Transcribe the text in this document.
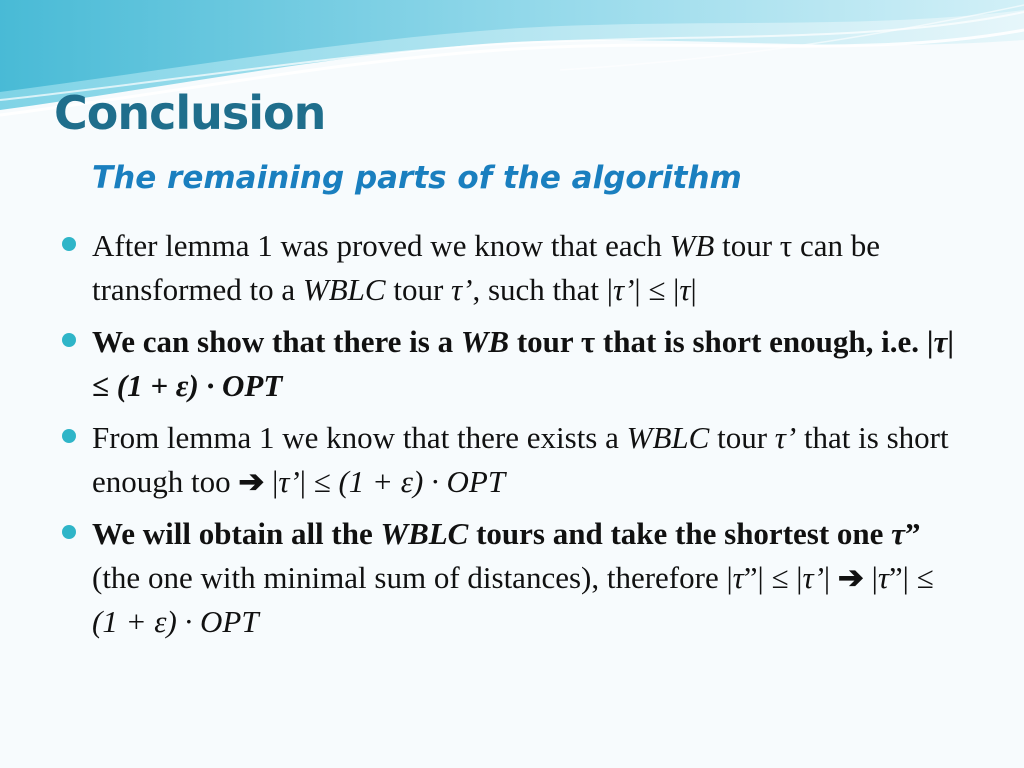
Conclusion
The remaining parts of the algorithm
After lemma 1 was proved we know that each WB tour τ can be transformed to a WBLC tour τ’, such that |τ’| ≤ |τ|
We can show that there is a WB tour τ that is short enough, i.e. |τ| ≤ (1 + ε) · OPT
From lemma 1 we know that there exists a WBLC tour τ’ that is short enough too ➔ |τ’| ≤ (1 + ε) · OPT
We will obtain all the WBLC tours and take the shortest one τ” (the one with minimal sum of distances), therefore |τ”| ≤ |τ’| ➔ |τ”| ≤ (1 + ε) · OPT
